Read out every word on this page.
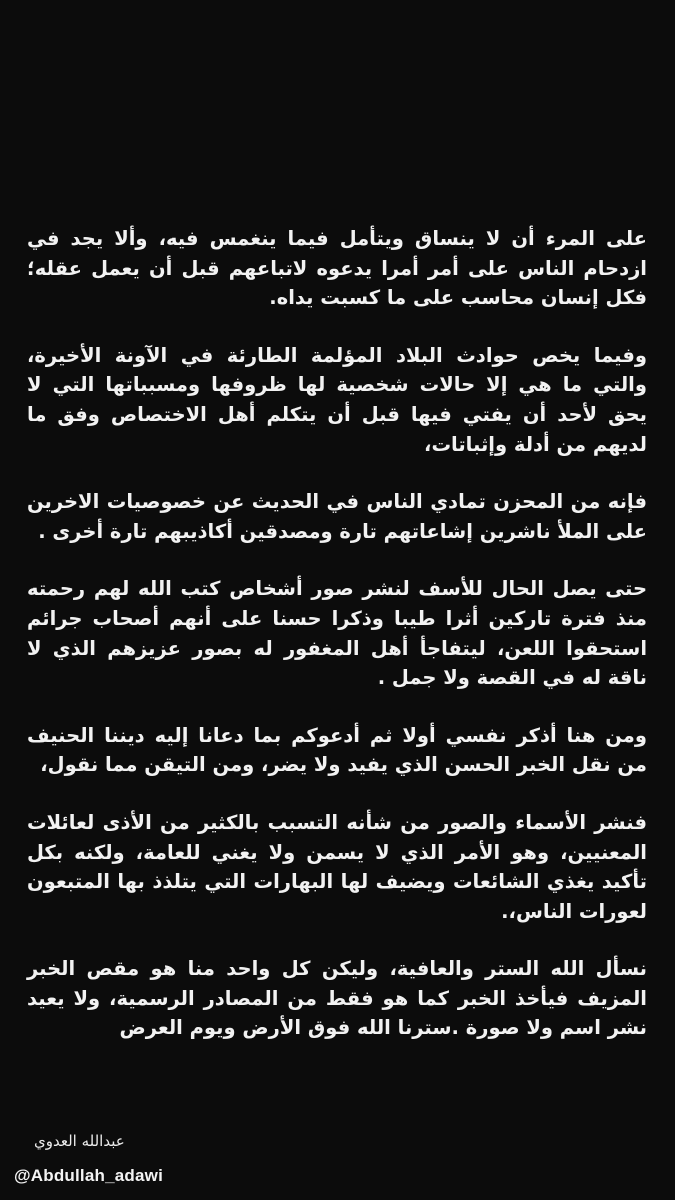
على المرء أن لا ينساق ويتأمل فيما ينغمس فيه، وألا يجد في ازدحام الناس على أمر أمرا يدعوه لاتباعهم قبل أن يعمل عقله؛ فكل إنسان محاسب على ما كسبت يداه.

وفيما يخص حوادث البلاد المؤلمة الطارئة في الآونة الأخيرة، والتي ما هي إلا حالات شخصية لها ظروفها ومسبباتها التي لا يحق لأحد أن يفتي فيها قبل أن يتكلم أهل الاختصاص وفق ما لديهم من أدلة وإثباتات،

فإنه من المحزن تمادي الناس في الحديث عن خصوصيات الاخرين على الملأ ناشرين إشاعاتهم تارة ومصدقين أكاذيبهم تارة أخرى .

حتى يصل الحال للأسف لنشر صور أشخاص كتب الله لهم رحمته منذ فترة تاركين أثرا طيبا وذكرا حسنا على أنهم أصحاب جرائم استحقوا اللعن، ليتفاجأ أهل المغفور له بصور عزيزهم الذي لا ناقة له في القصة ولا جمل .

ومن هنا أذكر نفسي أولا ثم أدعوكم بما دعانا إليه ديننا الحنيف من نقل الخبر الحسن الذي يفيد ولا يضر، ومن التيقن مما نقول،

فنشر الأسماء والصور من شأنه التسبب بالكثير من الأذى لعائلات المعنيين، وهو الأمر الذي لا يسمن ولا يغني للعامة، ولكنه بكل تأكيد يغذي الشائعات ويضيف لها البهارات التي يتلذذ بها المتبعون لعورات الناس،.

نسأل الله الستر والعافية، وليكن كل واحد منا هو مقص الخبر المزيف فيأخذ الخبر كما هو فقط من المصادر الرسمية، ولا يعيد نشر اسم ولا صورة .سترنا الله فوق الأرض ويوم العرض

عبدالله العدوي
@Abdullah_adawi
